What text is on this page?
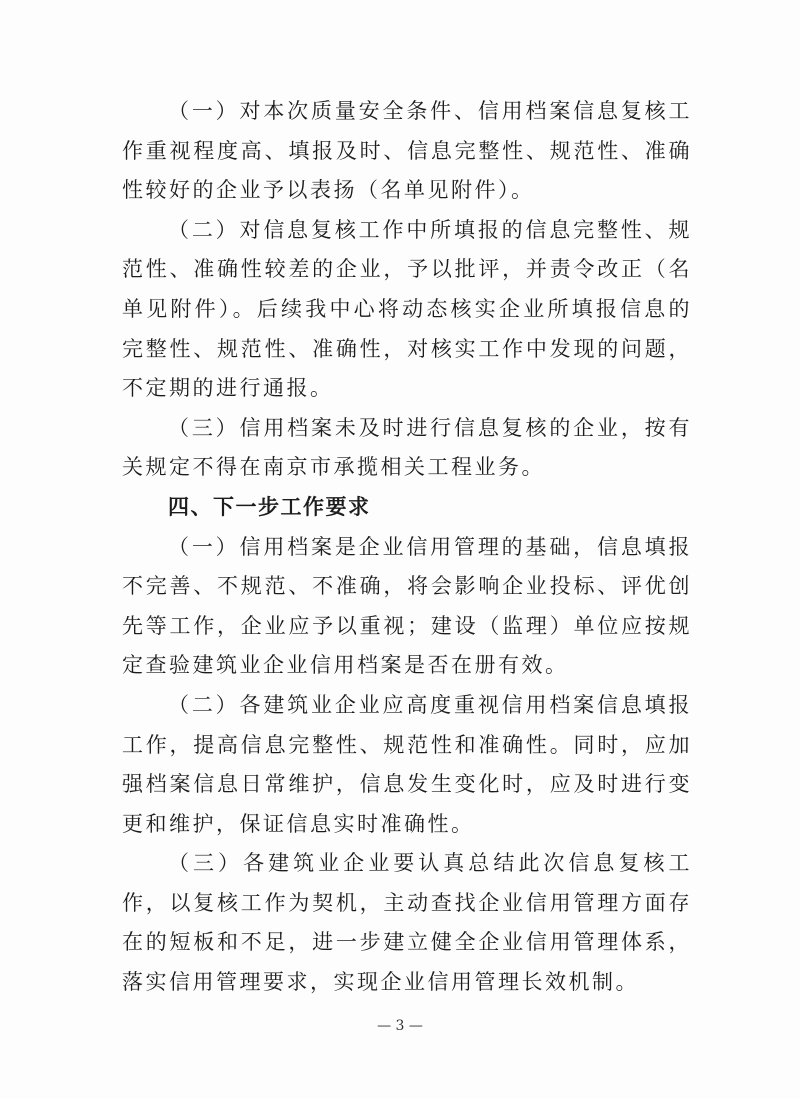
（一）对本次质量安全条件、信用档案信息复核工作重视程度高、填报及时、信息完整性、规范性、准确性较好的企业予以表扬（名单见附件）。

（二）对信息复核工作中所填报的信息完整性、规范性、准确性较差的企业，予以批评，并责令改正（名单见附件）。后续我中心将动态核实企业所填报信息的完整性、规范性、准确性，对核实工作中发现的问题，不定期的进行通报。

（三）信用档案未及时进行信息复核的企业，按有关规定不得在南京市承揽相关工程业务。

四、下一步工作要求

（一）信用档案是企业信用管理的基础，信息填报不完善、不规范、不准确，将会影响企业投标、评优创先等工作，企业应予以重视；建设（监理）单位应按规定查验建筑业企业信用档案是否在册有效。

（二）各建筑业企业应高度重视信用档案信息填报工作，提高信息完整性、规范性和准确性。同时，应加强档案信息日常维护，信息发生变化时，应及时进行变更和维护，保证信息实时准确性。

（三）各建筑业企业要认真总结此次信息复核工作，以复核工作为契机，主动查找企业信用管理方面存在的短板和不足，进一步建立健全企业信用管理体系，落实信用管理要求，实现企业信用管理长效机制。

— 3 —
